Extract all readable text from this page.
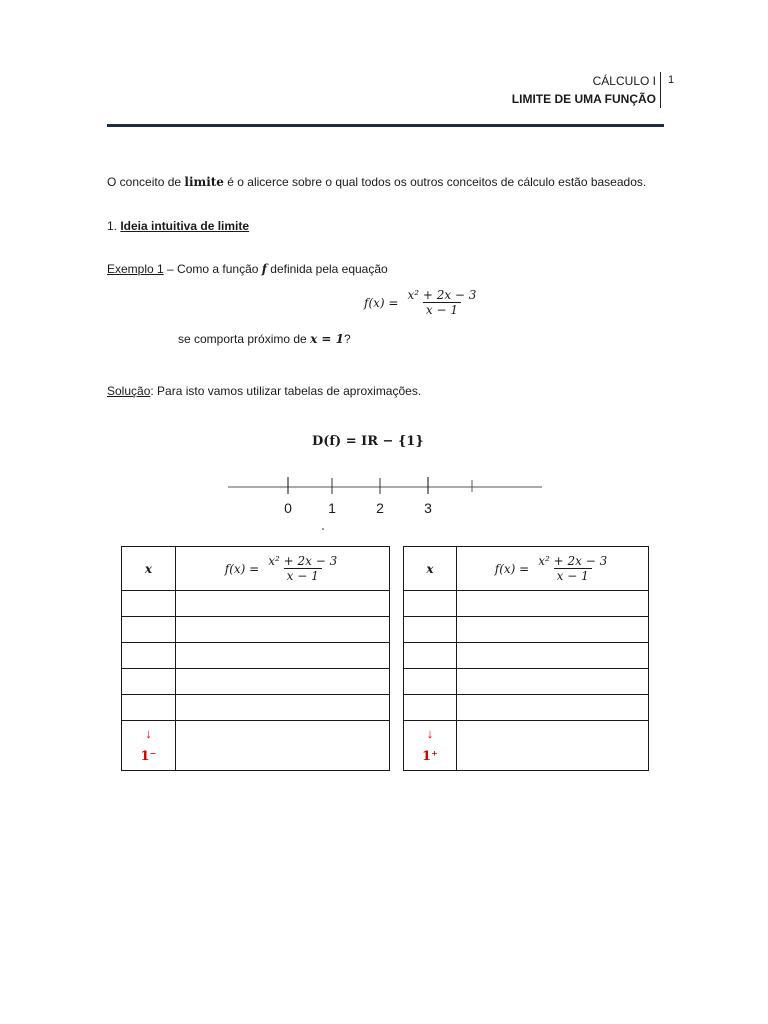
CÁLCULO I
LIMITE DE UMA FUNÇÃO
1
O conceito de limite é o alicerce sobre o qual todos os outros conceitos de cálculo estão baseados.
1. Ideia intuitiva de limite
Exemplo 1 – Como a função f definida pela equação
$f(x) = \frac{\text{x² + 2x − 3}}{x - 1}$
se comporta próximo de x = 1?
Solução: Para isto vamos utilizar tabelas de aproximações.
D(f) = IR − {1}
0	1	2	3
x	$f(x) = \frac{\text{x² + 2x − 3}}{x - 1}$

↓
1⁻	

x	$f(x) = \frac{\text{x² + 2x − 3}}{x - 1}$

↓
1⁺	
